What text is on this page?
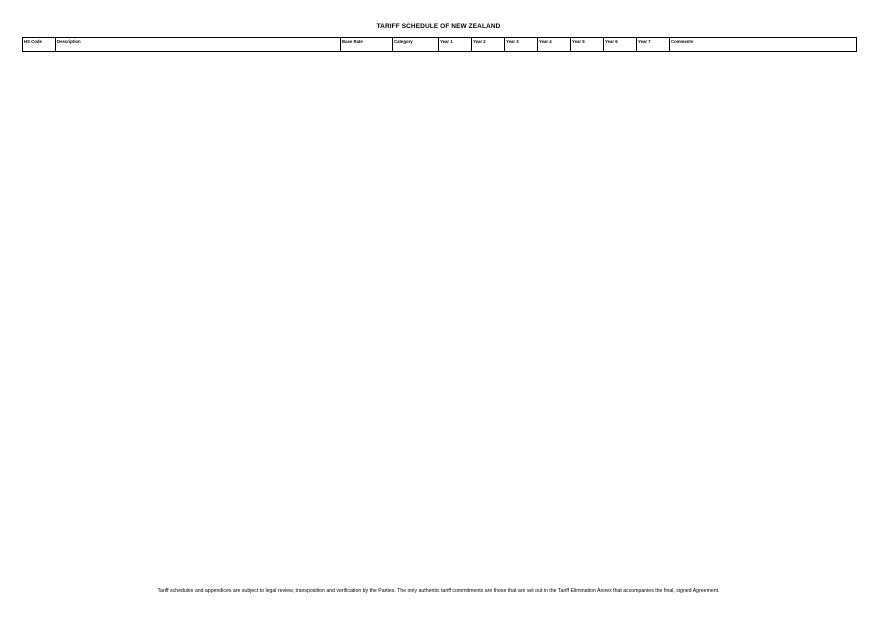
TARIFF SCHEDULE OF NEW ZEALAND
HS Code	Description	Base Rate	Category	Year 1	Year 2	Year 3	Year 4	Year 5	Year 6	Year 7	Comments
Tariff schedules and appendices are subject to legal review, transposition and verification by the Parties. The only authentic tariff commitments are those that are set out in the Tariff Elimination Annex that accompanies the final, signed Agreement.
